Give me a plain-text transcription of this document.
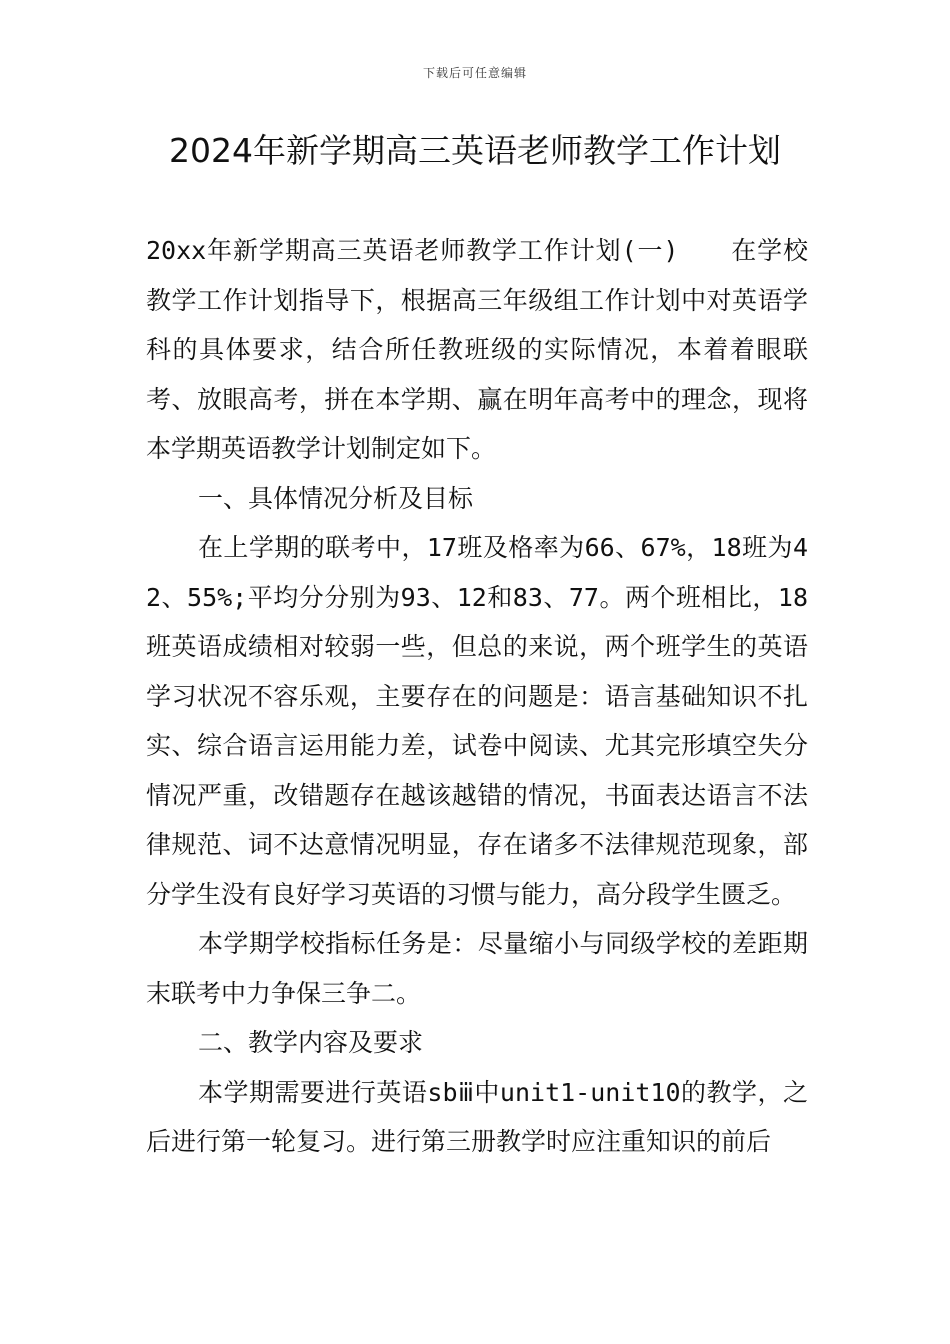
下载后可任意编辑
2024年新学期高三英语老师教学工作计划

20xx年新学期高三英语老师教学工作计划(一)　　在学校教学工作计划指导下，根据高三年级组工作计划中对英语学科的具体要求，结合所任教班级的实际情况，本着着眼联考、放眼高考，拼在本学期、赢在明年高考中的理念，现将本学期英语教学计划制定如下。

一、具体情况分析及目标

在上学期的联考中，17班及格率为66、67%，18班为42、55%;平均分分别为93、12和83、77。两个班相比，18班英语成绩相对较弱一些，但总的来说，两个班学生的英语学习状况不容乐观，主要存在的问题是：语言基础知识不扎实、综合语言运用能力差，试卷中阅读、尤其完形填空失分情况严重，改错题存在越该越错的情况，书面表达语言不法律规范、词不达意情况明显，存在诸多不法律规范现象，部分学生没有良好学习英语的习惯与能力，高分段学生匮乏。

本学期学校指标任务是：尽量缩小与同级学校的差距期末联考中力争保三争二。

二、教学内容及要求

本学期需要进行英语sbⅲ中unit1-unit10的教学，之后进行第一轮复习。进行第三册教学时应注重知识的前后
